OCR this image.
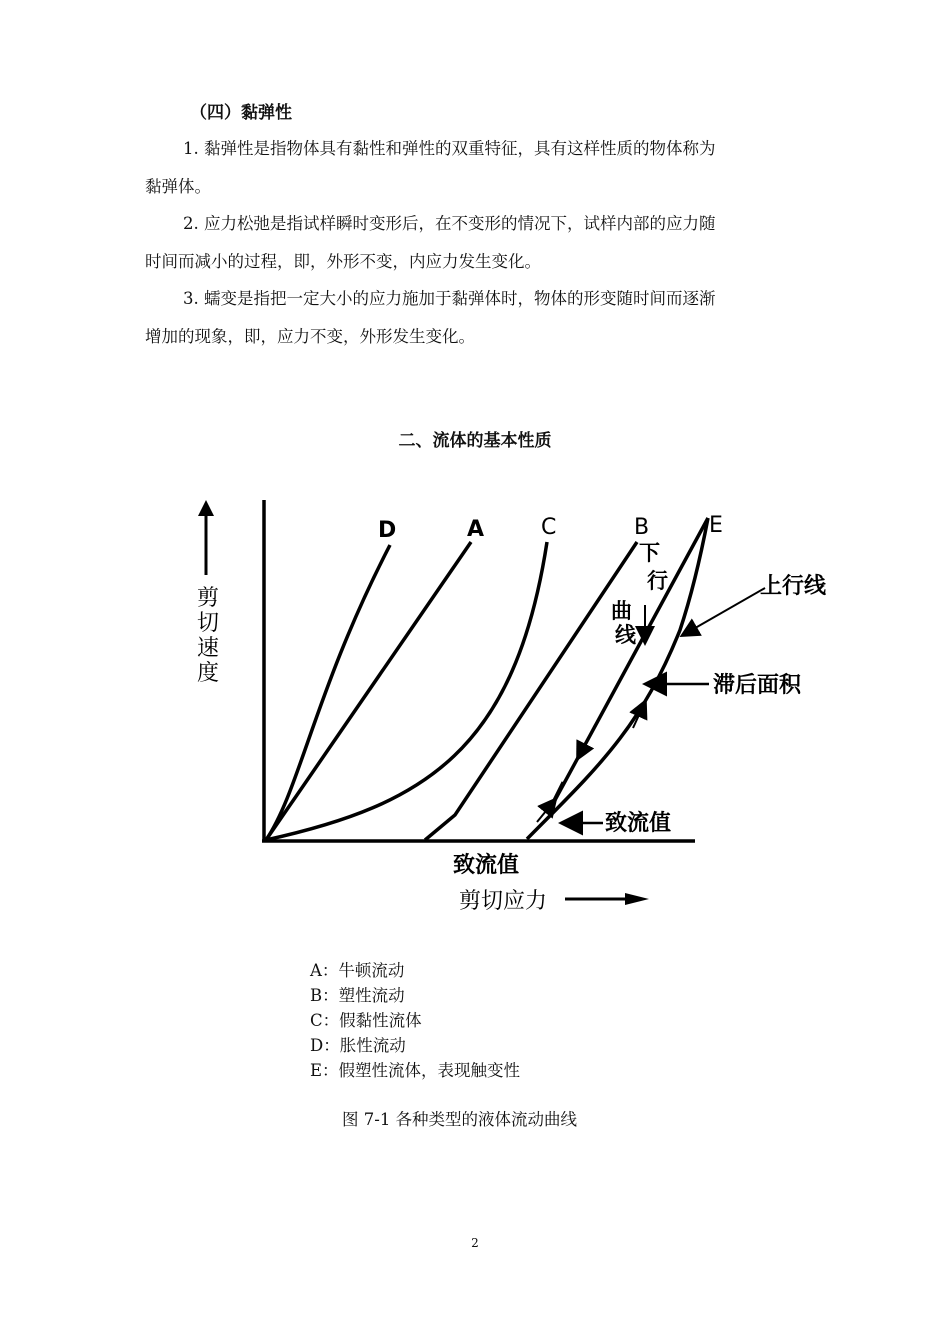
（四）黏弹性
1. 黏弹性是指物体具有黏性和弹性的双重特征，具有这样性质的物体称为
黏弹体。
2. 应力松弛是指试样瞬时变形后，在不变形的情况下，试样内部的应力随
时间而减小的过程，即，外形不变，内应力发生变化。
3. 蠕变是指把一定大小的应力施加于黏弹体时，物体的形变随时间而逐渐
增加的现象，即，应力不变，外形发生变化。
二、流体的基本性质
剪
切
速
度
D	A	C	B	E
下
行
曲
线
上行线
滞后面积
致流值
致流值
剪切应力
A：牛顿流动
B：塑性流动
C：假黏性流体
D：胀性流动
E：假塑性流体，表现触变性
图 7-1 各种类型的液体流动曲线
2
